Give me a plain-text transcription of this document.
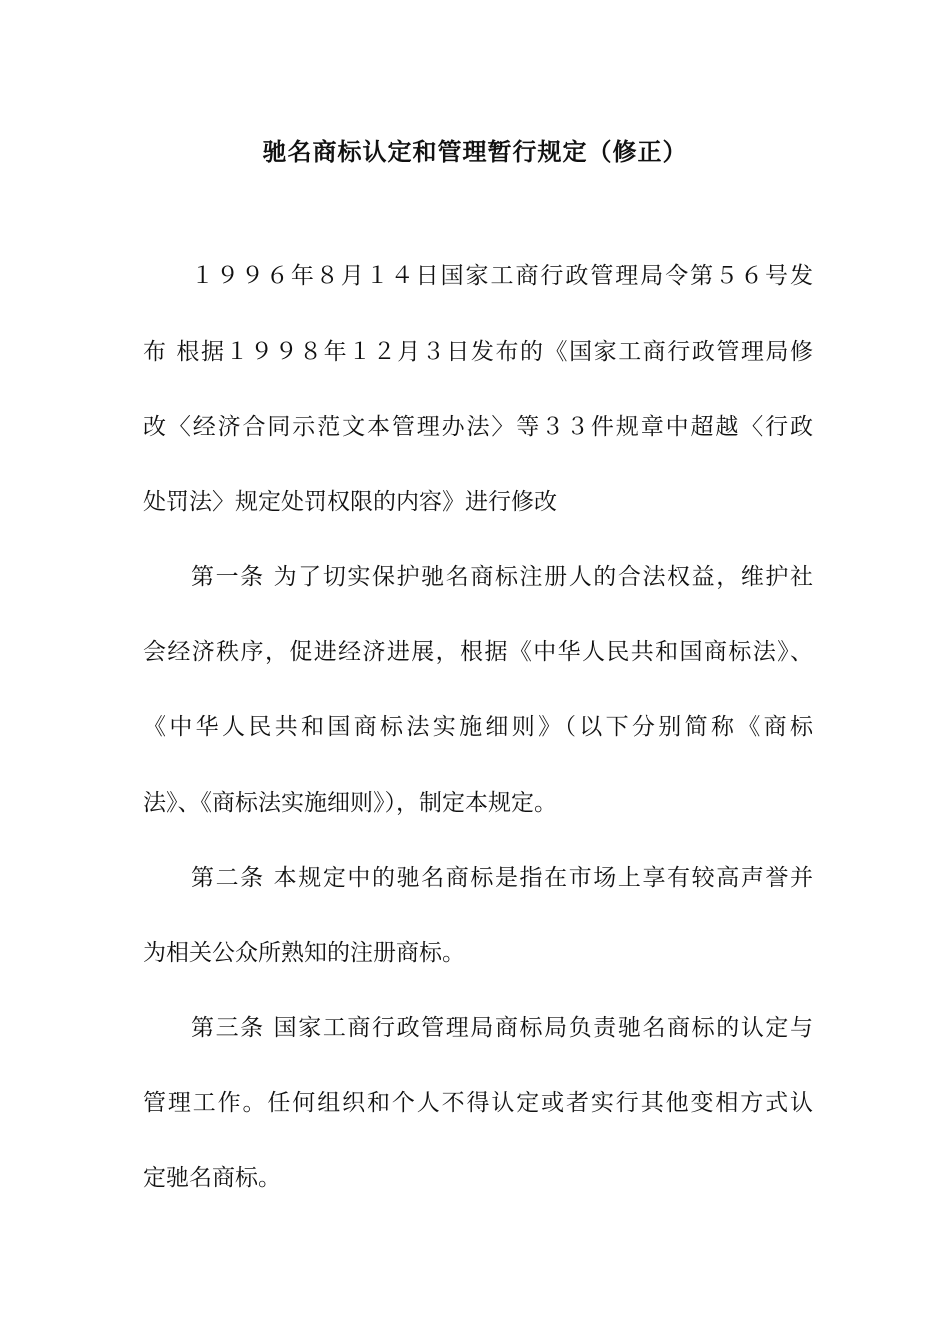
驰名商标认定和管理暂行规定（修正）
１９９６年８月１４日国家工商行政管理局令第５６号发
布 根据１９９８年１２月３日发布的《国家工商行政管理局修
改〈经济合同示范文本管理办法〉等３３件规章中超越〈行政
处罚法〉规定处罚权限的内容》进行修改
第一条 为了切实保护驰名商标注册人的合法权益，维护社
会经济秩序，促进经济进展，根据《中华人民共和国商标法》、
《中华人民共和国商标法实施细则》（以下分别简称《商标
法》、《商标法实施细则》），制定本规定。
第二条 本规定中的驰名商标是指在市场上享有较高声誉并
为相关公众所熟知的注册商标。
第三条 国家工商行政管理局商标局负责驰名商标的认定与
管理工作。任何组织和个人不得认定或者实行其他变相方式认
定驰名商标。
